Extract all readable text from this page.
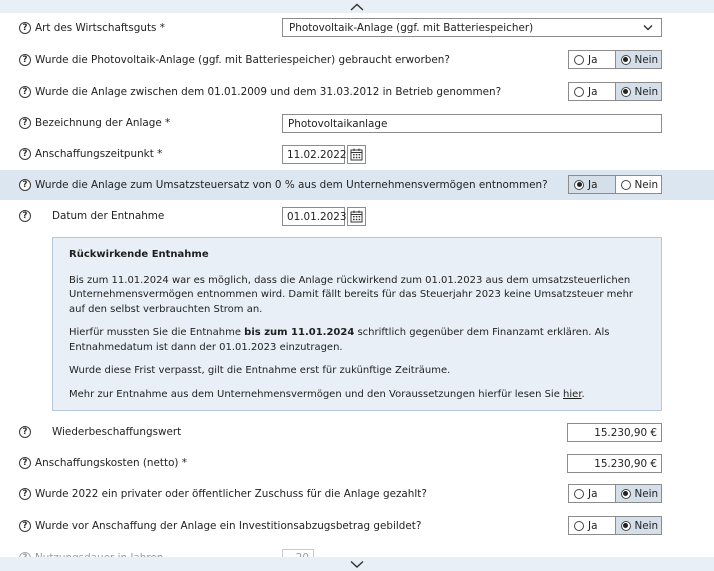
? Art des Wirtschaftsguts *	Photovoltaik-Anlage (ggf. mit Batteriespeicher)
? Wurde die Photovoltaik-Anlage (ggf. mit Batteriespeicher) gebraucht erworben?	Ja	Nein
? Wurde die Anlage zwischen dem 01.01.2009 und dem 31.03.2012 in Betrieb genommen?	Ja	Nein
? Bezeichnung der Anlage *	Photovoltaikanlage
? Anschaffungszeitpunkt *	11.02.2022
? Wurde die Anlage zum Umsatzsteuersatz von 0 % aus dem Unternehmensvermögen entnommen?	Ja	Nein
?	Datum der Entnahme	01.01.2023
Rückwirkende Entnahme

Bis zum 11.01.2024 war es möglich, dass die Anlage rückwirkend zum 01.01.2023 aus dem umsatzsteuerlichen Unternehmensvermögen entnommen wird. Damit fällt bereits für das Steuerjahr 2023 keine Umsatzsteuer mehr auf den selbst verbrauchten Strom an.

Hierfür mussten Sie die Entnahme bis zum 11.01.2024 schriftlich gegenüber dem Finanzamt erklären. Als Entnahmedatum ist dann der 01.01.2023 einzutragen.

Wurde diese Frist verpasst, gilt die Entnahme erst für zukünftige Zeiträume.

Mehr zur Entnahme aus dem Unternehmensvermögen und den Voraussetzungen hierfür lesen Sie hier.

?	Wiederbeschaffungswert	15.230,90 €
? Anschaffungskosten (netto) *	15.230,90 €
? Wurde 2022 ein privater oder öffentlicher Zuschuss für die Anlage gezahlt?	Ja	Nein
? Wurde vor Anschaffung der Anlage ein Investitionsabzugsbetrag gebildet?	Ja	Nein
